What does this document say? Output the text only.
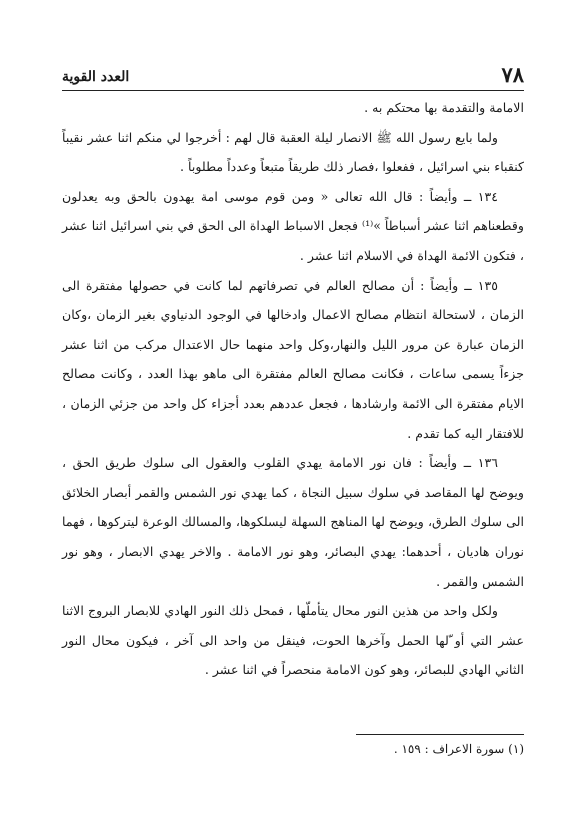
٧٨
العدد القوية

الامامة والتقدمة بها محتكم به .

ولما بايع رسول الله ﷺ الانصار ليلة العقبة قال لهم : أخرجوا لي منكم اثنا عشر نقيباً كنقباء بني اسرائيل ، ففعلوا ،فصار ذلك طريقاً متبعاً وعدداً مطلوباً .

١٣٤ ــ وأيضاً : قال الله تعالى « ومن قوم موسى امة يهدون بالحق وبه يعدلون وقطعناهم اثنا عشر أسباطاً »⁽¹⁾ فجعل الاسباط الهداة الى الحق في بني اسرائيل اثنا عشر ، فتكون الائمة الهداة في الاسلام اثنا عشر .

١٣٥ ــ وأيضاً : أن مصالح العالم في تصرفاتهم لما كانت في حصولها مفتقرة الى الزمان ، لاستحالة انتظام مصالح الاعمال وادخالها في الوجود الدنياوي بغير الزمان ،وكان الزمان عبارة عن مرور الليل والنهار،وكل واحد منهما حال الاعتدال مركب من اثنا عشر جزءاً يسمى ساعات ، فكانت مصالح العالم مفتقرة الى ماهو بهذا العدد ، وكانت مصالح الايام مفتقرة الى الائمة وارشادها ، فجعل عددهم بعدد أجزاء كل واحد من جزئي الزمان ، للافتقار اليه كما تقدم .

١٣٦ ــ وأيضاً : فان نور الامامة يهدي القلوب والعقول الى سلوك طريق الحق ، ويوضح لها المقاصد في سلوك سبيل النجاة ، كما يهدي نور الشمس والقمر أبصار الخلائق الى سلوك الطرق، ويوضح لها المناهج السهلة ليسلكوها، والمسالك الوعرة ليتركوها ، فهما نوران هاديان ، أحدهما: يهدي البصائر، وهو نور الامامة . والاخر يهدي الابصار ، وهو نور الشمس والقمر .

ولكل واحد من هذين النور محال يتأملّها ، فمحل ذلك النور الهادي للابصار البروج الاثنا عشر التي أو ّلها الحمل وآخرها الحوت، فينقل من واحد الى آخر ، فيكون محال النور الثاني الهادي للبصائر، وهو كون الامامة منحصراً في اثنا عشر .

(١) سورة الاعراف : ١٥٩ .
